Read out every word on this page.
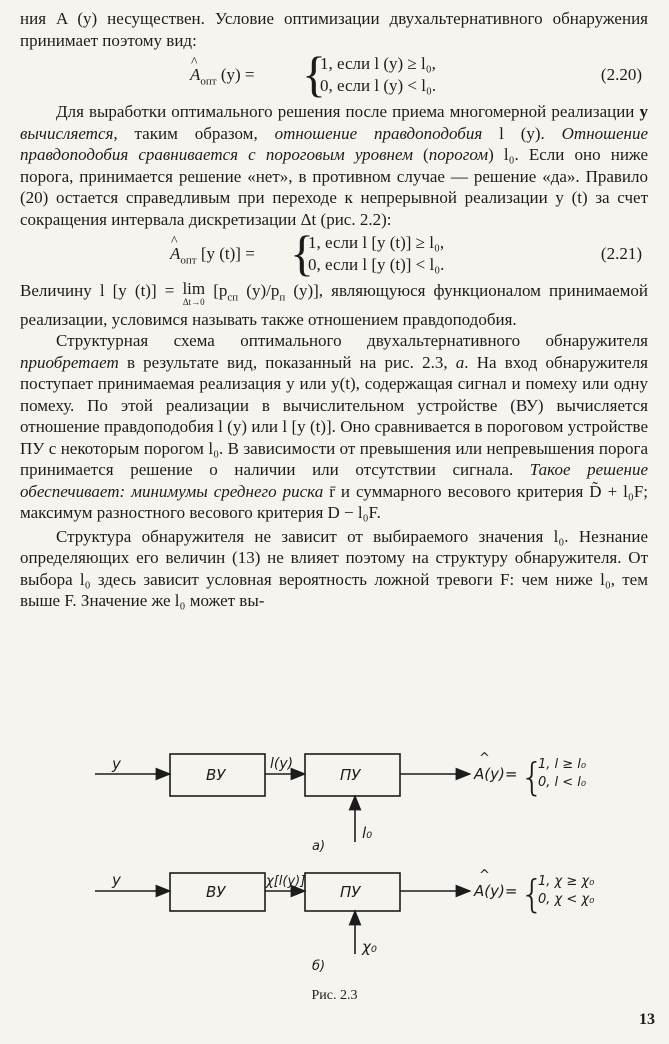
ния A (y) несуществен. Условие оптимизации двухальтернативного обнаружения принимает поэтому вид:

^ $A_{опт}$ (y) = {
1, если l (y) ≥ l₀,
0, если l (y) < l₀.
(2.20)

Для выработки оптимального решения после приема многомерной реализации y вычисляется, таким образом, отношение правдоподобия l (y). Отношение правдоподобия сравнивается с пороговым уровнем (порогом) l₀. Если оно ниже порога, принимается решение «нет», в противном случае — решение «да». Правило (20) остается справедливым при переходе к непрерывной реализации y (t) за счет сокращения интервала дискретизации Δt (рис. 2.2):

^ $A_{опт}$ [y (t)] = {
1, если l [y (t)] ≥ l₀,
0, если l [y (t)] < l₀.
(2.21)

Величину l [y (t)] = lim
Δt→0
[$p_{сп}$ $(y)/p_п$ (y)], являющуюся функционалом принимаемой реализации, условимся называть также отношением правдоподобия.

Структурная схема оптимального двухальтернативного обнаружителя приобретает в результате вид, показанный на рис. 2.3, а. На вход обнаружителя поступает принимаемая реализация y или y(t), содержащая сигнал и помеху или одну помеху. По этой реализации в вычислительном устройстве (ВУ) вычисляется отношение правдоподобия l (y) или l [y (t)]. Оно сравнивается в пороговом устройстве ПУ с некоторым порогом l₀. В зависимости от превышения или непревышения порога принимается решение о наличии или отсутствии сигнала. Такое решение обеспечивает: минимумы среднего риска r̄ и суммарного весового критерия D̃ + l₀F; максимум разностного весового критерия D − l₀F.

Структура обнаружителя не зависит от выбираемого значения l₀. Незнание определяющих его величин (13) не влияет поэтому на структуру обнаружителя. От выбора l₀ здесь зависит условная вероятность ложной тревоги F: чем ниже l₀, тем выше F. Значение же l₀ может вы-

y
ВУ
l(y)
ПУ
l₀
A(y)=
^ {
1, l ≥ l₀
0, l < l₀
а)
y
ВУ
χ[l(y)]
ПУ
χ₀
A(y)=
^ {
1, χ ≥ χ₀
0, χ < χ₀
б)
Рис. 2.3
13
